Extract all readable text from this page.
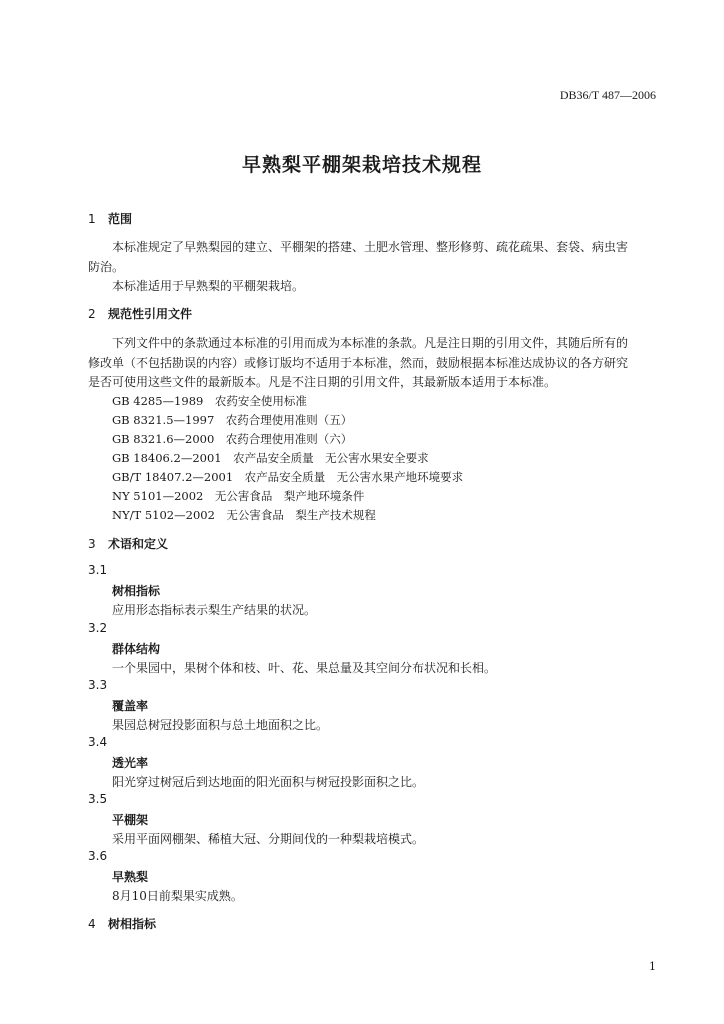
DB36/T 487—2006
早熟梨平棚架栽培技术规程
1 范围
本标准规定了早熟梨园的建立、平棚架的搭建、土肥水管理、整形修剪、疏花疏果、套袋、病虫害
防治。
本标准适用于早熟梨的平棚架栽培。
2 规范性引用文件
下列文件中的条款通过本标准的引用而成为本标准的条款。凡是注日期的引用文件，其随后所有的
修改单（不包括勘误的内容）或修订版均不适用于本标准，然而，鼓励根据本标准达成协议的各方研究
是否可使用这些文件的最新版本。凡是不注日期的引用文件，其最新版本适用于本标准。
GB 4285—1989　农药安全使用标准
GB 8321.5—1997　农药合理使用准则（五）
GB 8321.6—2000　农药合理使用准则（六）
GB 18406.2—2001　农产品安全质量　无公害水果安全要求
GB/T 18407.2—2001　农产品安全质量　无公害水果产地环境要求
NY 5101—2002　无公害食品　梨产地环境条件
NY/T 5102—2002　无公害食品　梨生产技术规程
3 术语和定义
3.1
树相指标
应用形态指标表示梨生产结果的状况。
3.2
群体结构
一个果园中，果树个体和枝、叶、花、果总量及其空间分布状况和长相。
3.3
覆盖率
果园总树冠投影面积与总土地面积之比。
3.4
透光率
阳光穿过树冠后到达地面的阳光面积与树冠投影面积之比。
3.5
平棚架
采用平面网棚架、稀植大冠、分期间伐的一种梨栽培模式。
3.6
早熟梨
8月10日前梨果实成熟。
4 树相指标
1
